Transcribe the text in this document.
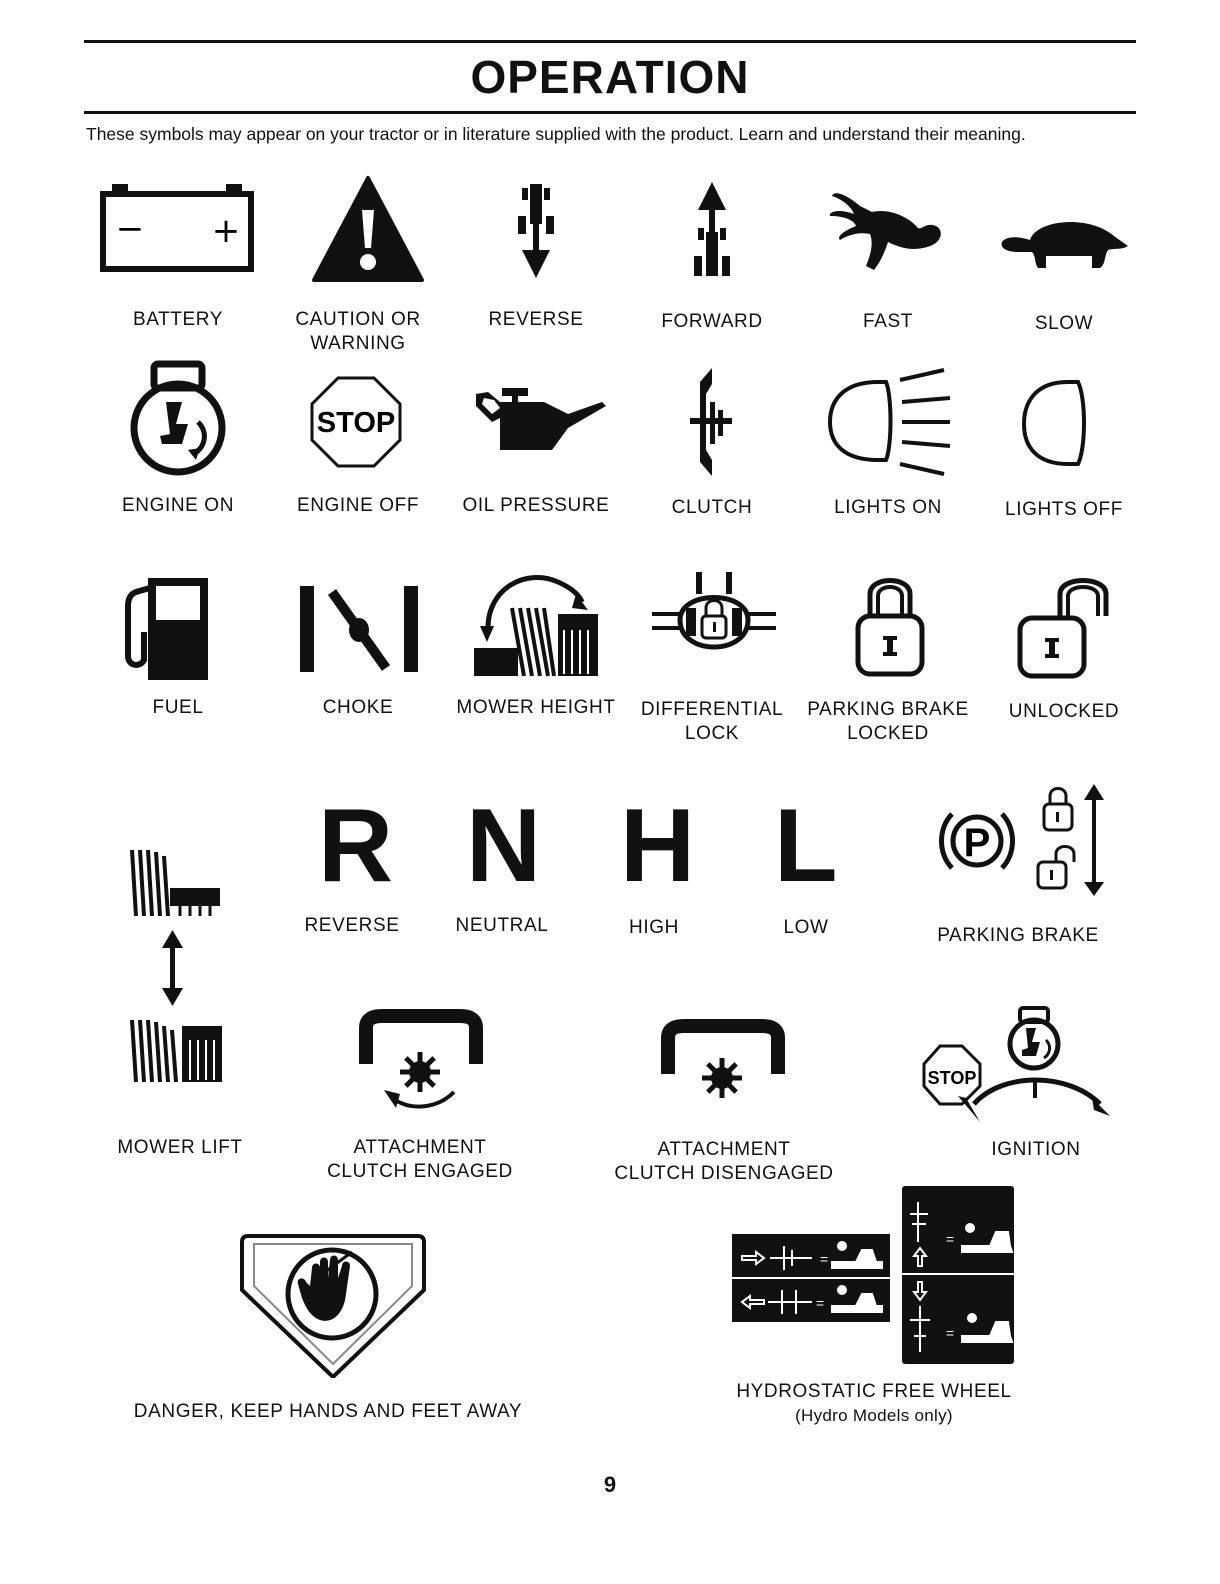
OPERATION
These symbols may appear on your tractor or in literature supplied with the product. Learn and understand their meaning.
− +
BATTERY	CAUTION OR
WARNING
REVERSE	FORWARD	FAST	SLOW
STOP
ENGINE ON	ENGINE OFF	OIL PRESSURE	CLUTCH	LIGHTS ON	LIGHTS OFF
FUEL	CHOKE	MOWER HEIGHT	DIFFERENTIAL
LOCK
PARKING BRAKE
LOCKED
UNLOCKED
R N H L	P
REVERSE	NEUTRAL	HIGH	LOW	PARKING BRAKE
STOP
MOWER LIFT	ATTACHMENT
CLUTCH ENGAGED
ATTACHMENT
CLUTCH DISENGAGED
IGNITION
DANGER, KEEP HANDS AND FEET AWAY
=
=
=
=
HYDROSTATIC FREE WHEEL
(Hydro Models only)
9
